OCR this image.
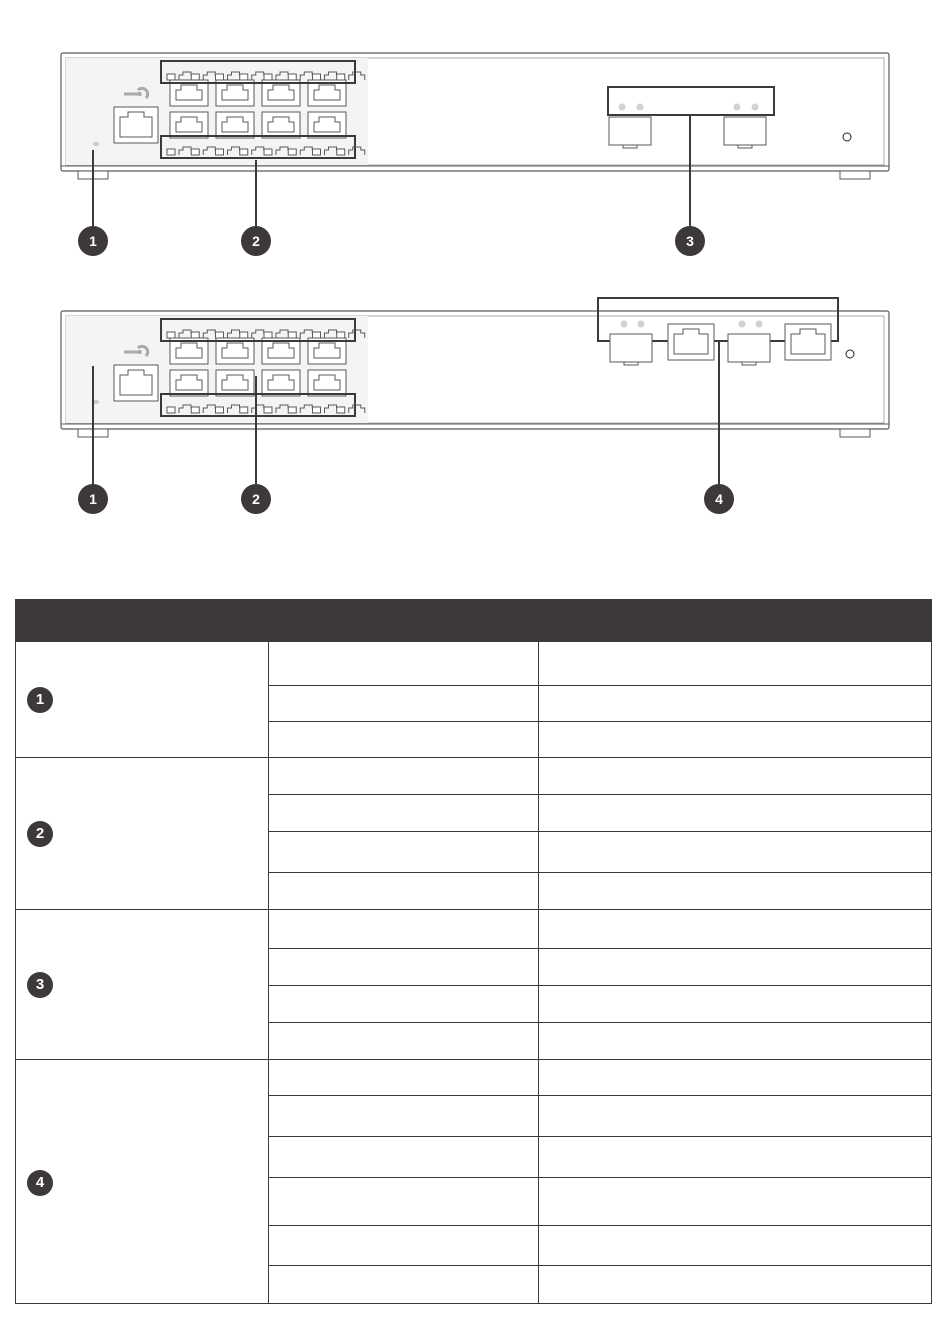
1	2	3
1	2	4
1
2
3
4
